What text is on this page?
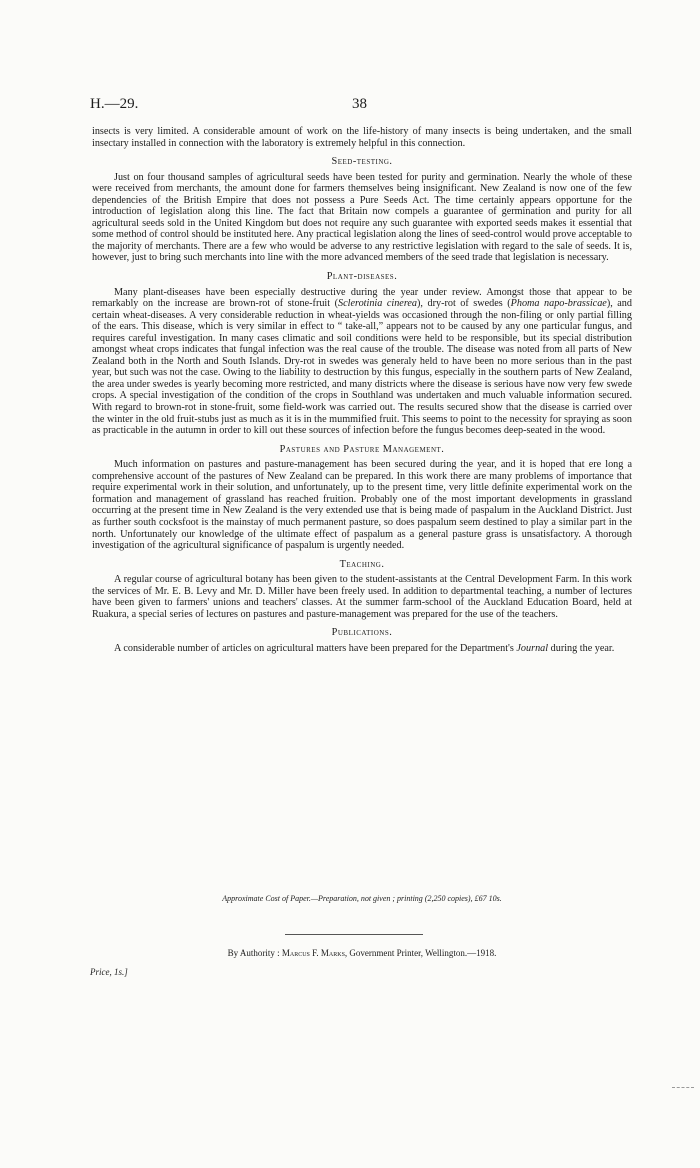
H.—29.	38

insects is very limited. A considerable amount of work on the life-history of many insects is being undertaken, and the small insectary installed in connection with the laboratory is extremely helpful in this connection.

Seed-testing.

Just on four thousand samples of agricultural seeds have been tested for purity and germination. Nearly the whole of these were received from merchants, the amount done for farmers themselves being insignificant. New Zealand is now one of the few dependencies of the British Empire that does not possess a Pure Seeds Act. The time certainly appears opportune for the introduction of legislation along this line. The fact that Britain now compels a guarantee of germination and purity for all agricultural seeds sold in the United Kingdom but does not require any such guarantee with exported seeds makes it essential that some method of control should be instituted here. Any practical legislation along the lines of seed-control would prove acceptable to the majority of merchants. There are a few who would be adverse to any restrictive legislation with regard to the sale of seeds. It is, however, just to bring such merchants into line with the more advanced members of the seed trade that legislation is necessary.

Plant-diseases.

Many plant-diseases have been especially destructive during the year under review. Amongst those that appear to be remarkably on the increase are brown-rot of stone-fruit (Sclerotinia cinerea), dry-rot of swedes (Phoma napo-brassicae), and certain wheat-diseases. A very considerable reduction in wheat-yields was occasioned through the non-filing or only partial filling of the ears. This disease, which is very similar in effect to “ take-all,” appears not to be caused by any one particular fungus, and requires careful investigation. In many cases climatic and soil conditions were held to be responsible, but its special distribution amongst wheat crops indicates that fungal infection was the real cause of the trouble. The disease was noted from all parts of New Zealand both in the North and South Islands. Dry-rot in swedes was generaly held to have been no more serious than in the past year, but such was not the case. Owing to the liability to destruction by this fungus, especially in the southern parts of New Zealand, the area under swedes is yearly becoming more restricted, and many districts where the disease is serious have now very few swede crops. A special investigation of the condition of the crops in Southland was undertaken and much valuable information secured. With regard to brown-rot in stone-fruit, some field-work was carried out. The results secured show that the disease is carried over the winter in the old fruit-stubs just as much as it is in the mummified fruit. This seems to point to the necessity for spraying as soon as practicable in the autumn in order to kill out these sources of infection before the fungus becomes deep-seated in the wood.

Pastures and Pasture Management.

Much information on pastures and pasture-management has been secured during the year, and it is hoped that ere long a comprehensive account of the pastures of New Zealand can be prepared. In this work there are many problems of importance that require experimental work in their solution, and unfortunately, up to the present time, very little definite experimental work on the formation and management of grassland has reached fruition. Probably one of the most important developments in grassland occurring at the present time in New Zealand is the very extended use that is being made of paspalum in the Auckland District. Just as further south cocksfoot is the mainstay of much permanent pasture, so does paspalum seem destined to play a similar part in the north. Unfortunately our knowledge of the ultimate effect of paspalum as a general pasture grass is unsatisfactory. A thorough investigation of the agricultural significance of paspalum is urgently needed.

Teaching.

A regular course of agricultural botany has been given to the student-assistants at the Central Development Farm. In this work the services of Mr. E. B. Levy and Mr. D. Miller have been freely used. In addition to departmental teaching, a number of lectures have been given to farmers' unions and teachers' classes. At the summer farm-school of the Auckland Education Board, held at Ruakura, a special series of lectures on pastures and pasture-management was prepared for the use of the teachers.

Publications.

A considerable number of articles on agricultural matters have been prepared for the Department's Journal during the year.

Approximate Cost of Paper.—Preparation, not given ; printing (2,250 copies), £67 10s.
By Authority : Marcus F. Marks, Government Printer, Wellington.—1918.
Price, 1s.]
